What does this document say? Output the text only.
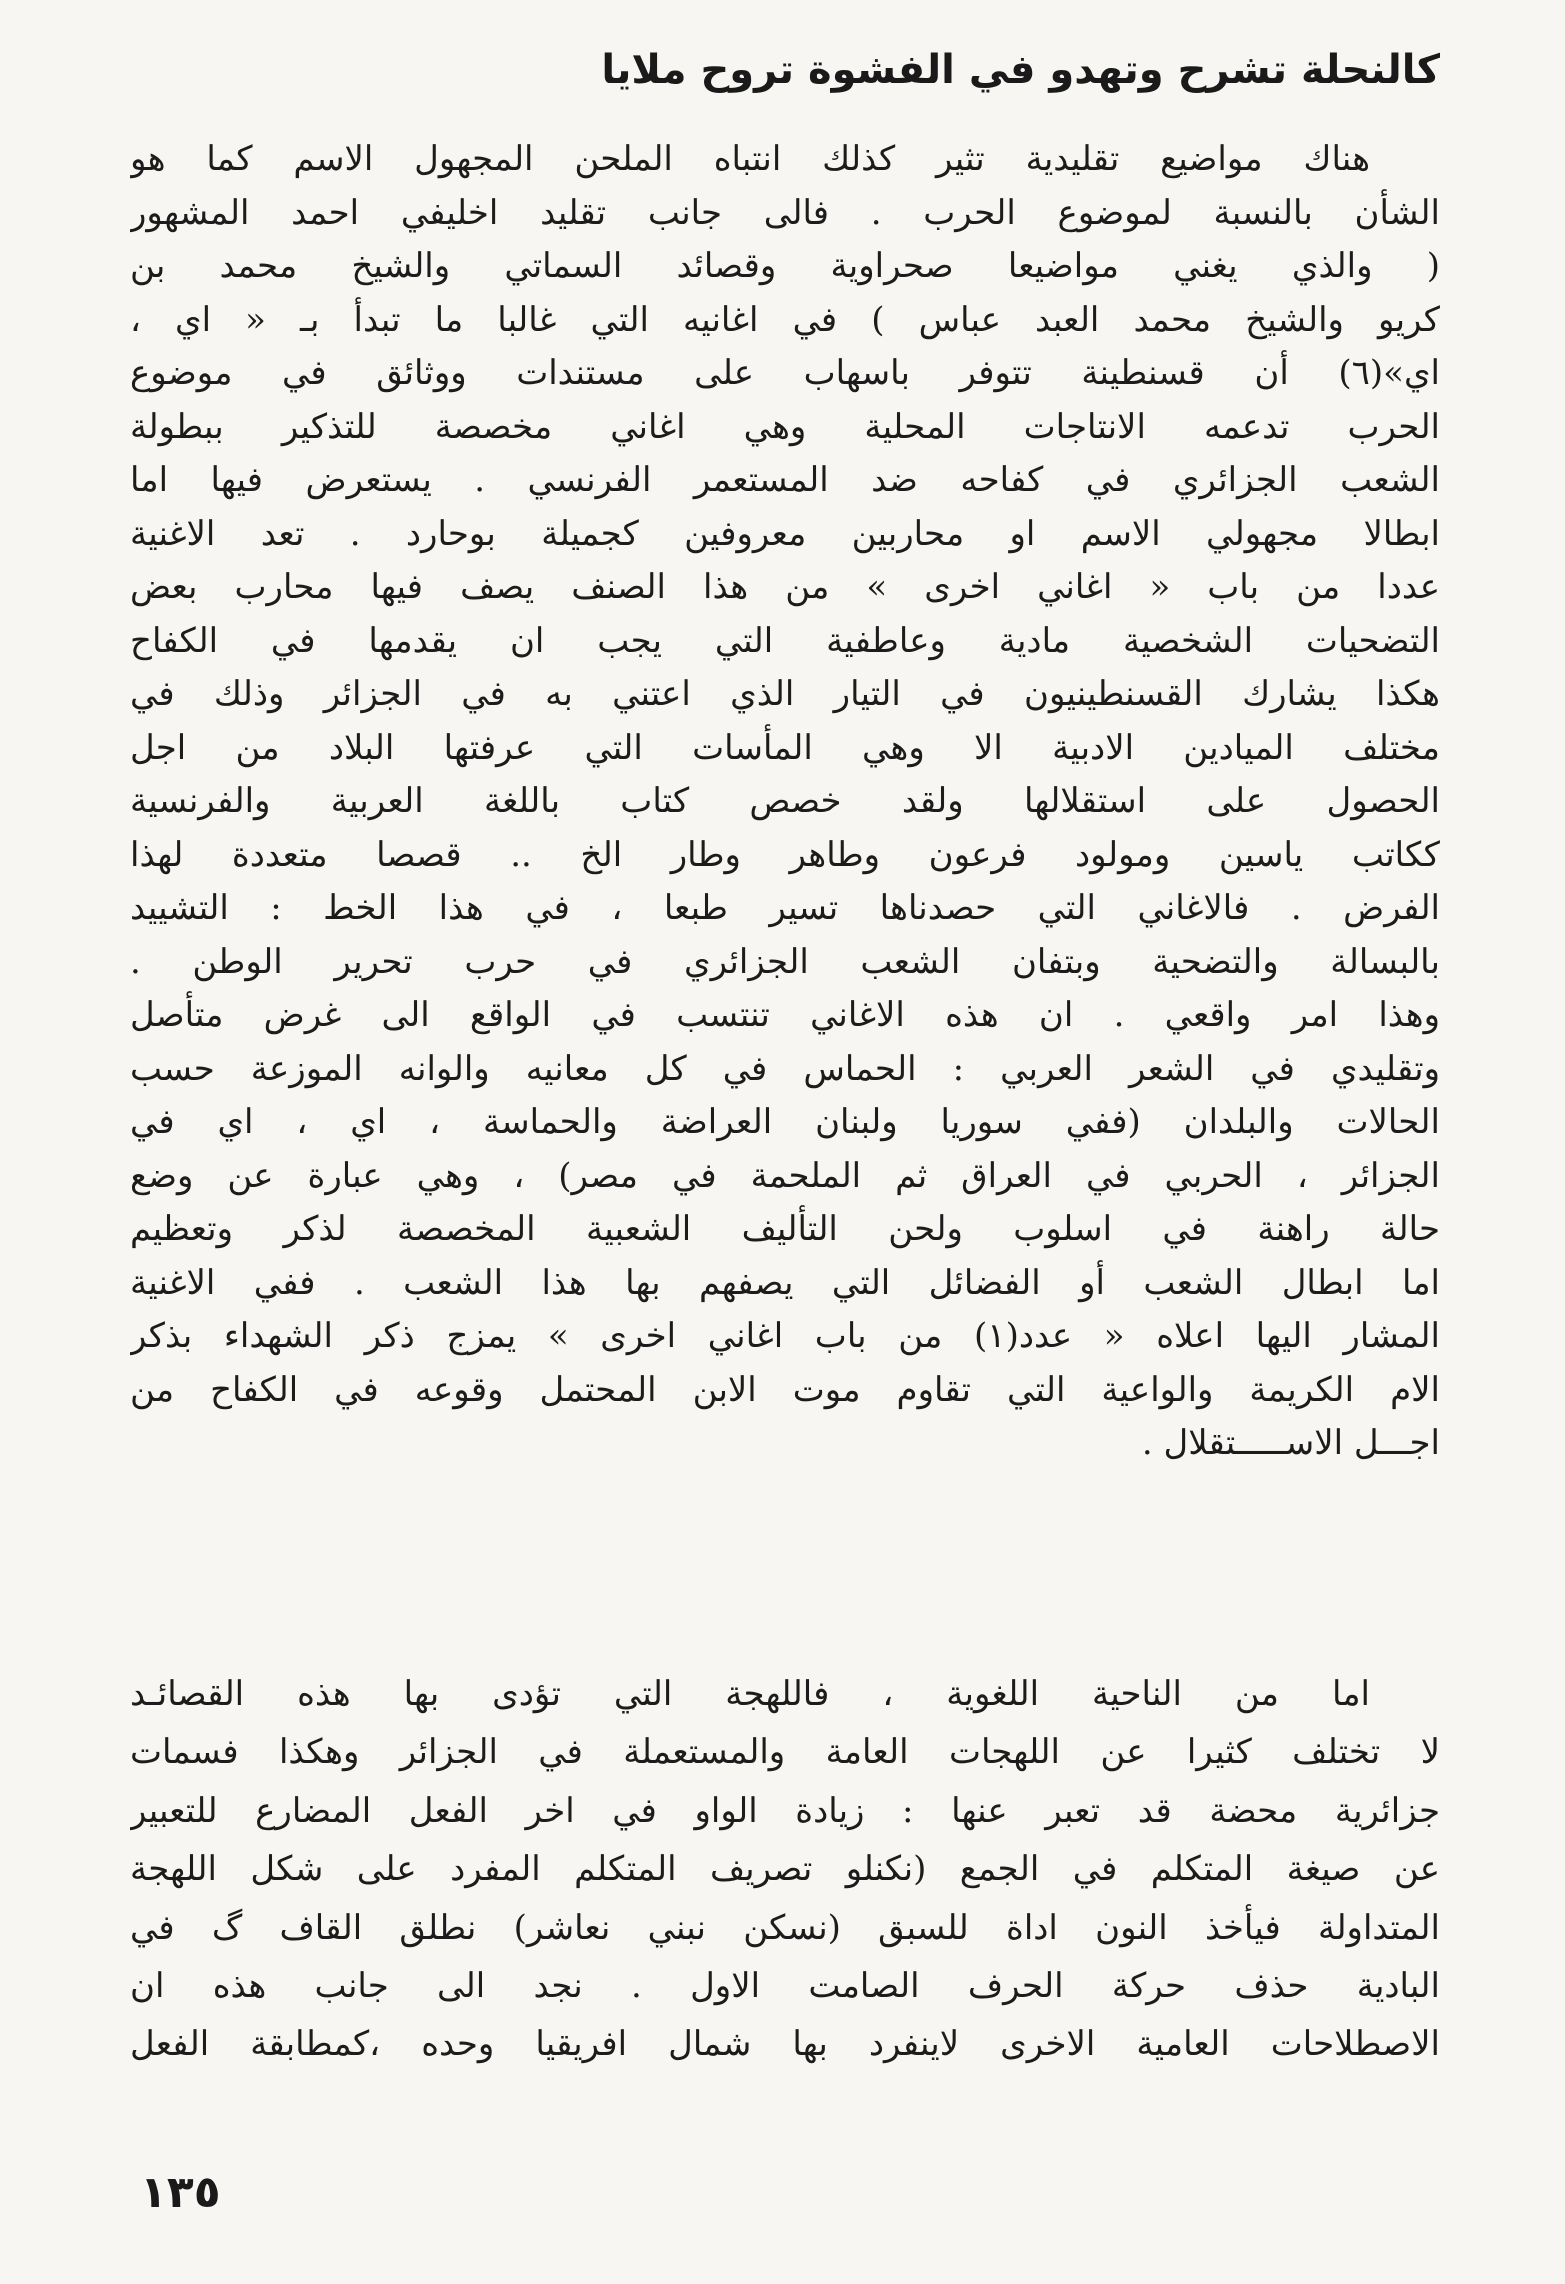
كالنحلة تشرح وتهدو في الفشوة تروح ملايا
هناك مواضيع تقليدية تثير كذلك انتباه الملحن المجهول الاسم كما هو
الشأن بالنسبة لموضوع الحرب . فالى جانب تقليد اخليفي احمد المشهور
( والذي يغني مواضيعا صحراوية وقصائد السماتي والشيخ محمد بن
كريو والشيخ محمد العبد عباس ) في اغانيه التي غالبا ما تبدأ بـ « اي ،
اي»(٦) أن قسنطينة تتوفر باسهاب على مستندات ووثائق في موضوع
الحرب تدعمه الانتاجات المحلية وهي اغاني مخصصة للتذكير ببطولة
الشعب الجزائري في كفاحه ضد المستعمر الفرنسي . يستعرض فيها اما
ابطالا مجهولي الاسم او محاربين معروفين كجميلة بوحارد . تعد الاغنية
عددا من باب « اغاني اخرى » من هذا الصنف يصف فيها محارب بعض
التضحيات الشخصية مادية وعاطفية التي يجب ان يقدمها في الكفاح
هكذا يشارك القسنطينيون في التيار الذي اعتني به في الجزائر وذلك في
مختلف الميادين الادبية الا وهي المأسات التي عرفتها البلاد من اجل
الحصول على استقلالها ولقد خصص كتاب باللغة العربية والفرنسية
ككاتب ياسين ومولود فرعون وطاهر وطار الخ .. قصصا متعددة لهذا
الفرض . فالاغاني التي حصدناها تسير طبعا ، في هذا الخط : التشييد
بالبسالة والتضحية وبتفان الشعب الجزائري في حرب تحرير الوطن .
وهذا امر واقعي . ان هذه الاغاني تنتسب في الواقع الى غرض متأصل
وتقليدي في الشعر العربي : الحماس في كل معانيه والوانه الموزعة حسب
الحالات والبلدان (ففي سوريا ولبنان العراضة والحماسة ، اي ، اي في
الجزائر ، الحربي في العراق ثم الملحمة في مصر) ، وهي عبارة عن وضع
حالة راهنة في اسلوب ولحن التأليف الشعبية المخصصة لذكر وتعظيم
اما ابطال الشعب أو الفضائل التي يصفهم بها هذا الشعب . ففي الاغنية
المشار اليها اعلاه « عدد(١) من باب اغاني اخرى » يمزج ذكر الشهداء بذكر
الام الكريمة والواعية التي تقاوم موت الابن المحتمل وقوعه في الكفاح من
اجـــل الاســـــتقلال .
اما من الناحية اللغوية ، فاللهجة التي تؤدى بها هذه القصائـد
لا تختلف كثيرا عن اللهجات العامة والمستعملة في الجزائر وهكذا فسمات
جزائرية محضة قد تعبر عنها : زيادة الواو في اخر الفعل المضارع للتعبير
عن صيغة المتكلم في الجمع (نكنلو تصريف المتكلم المفرد على شكل اللهجة
المتداولة فيأخذ النون اداة للسبق (نسكن نبني نعاشر) نطلق القاف گ في
البادية حذف حركة الحرف الصامت الاول . نجد الى جانب هذه ان
الاصطلاحات العامية الاخرى لاينفرد بها شمال افريقيا وحده ،كمطابقة الفعل
١٣٥
